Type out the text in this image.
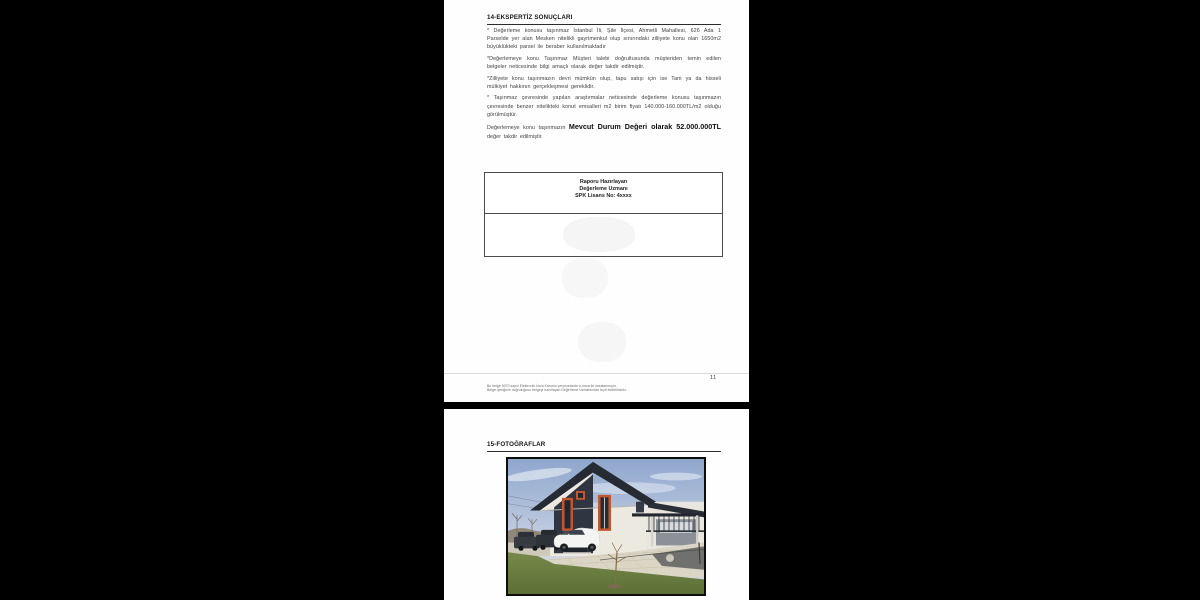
14-EKSPERTİZ SONUÇLARI

* Değerleme konusu taşınmaz İstanbul İli, Şile İlçesi, Ahmetli Mahallesi, 626 Ada 1 Parselde yer alan Mesken nitelikli gayrimenkul olup sınırındaki zilliyete konu olan 1650m2 büyüklükteki parsel ile beraber kullanılmaktadır

*Değerlemeye konu Taşınmaz Müşteri talebi doğrultusunda müşteriden temin edilen belgeler neticesinde bilgi amaçlı olarak değer takdir edilmiştir.

*Zilliyete konu taşınmazın devri mümkün olup, tapu satışı için ise Tam ya da hisseli mülkiyet hakkının gerçekleşmesi gereklidir.

* Taşınmaz çevresinde yapılan araştırmalar neticesinde değerleme konusu taşınmazın çevresinde benzer nitelikteki konut emsalleri m2 birim fiyatı 140.000-160.000TL/m2 olduğu görülmüştür.

Değerlemeye konu taşınmazın Mevcut Durum Değeri olarak 52.000.000TL değer takdir edilmiştir.

Raporu Hazırlayan
Değerleme Uzmanı
SPK Lisans No: 4xxxx
Bu belge 5070 sayılı Elektronik İmza Kanunu çerçevesinde e-imza ile imzalanmıştır.
Belge içeriğinin doğruluğunu belgeyi hazırlayan Değerleme Uzmanından teyit edebilirsiniz.
11
15-FOTOĞRAFLAR
